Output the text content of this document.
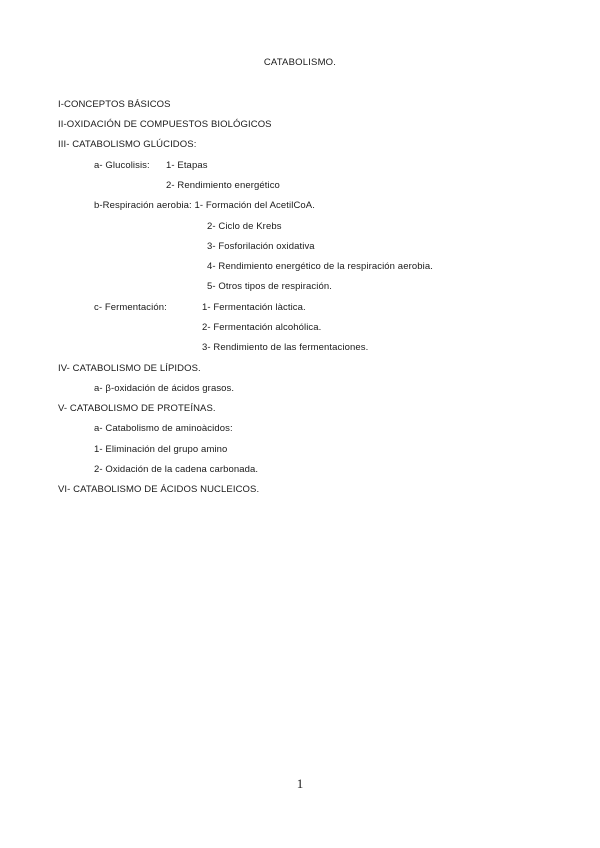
CATABOLISMO.
I-CONCEPTOS BÁSICOS
II-OXIDACIÓN DE COMPUESTOS BIOLÓGICOS
III- CATABOLISMO GLÚCIDOS:
a- Glucolisis: 1- Etapas
2- Rendimiento energético
b-Respiración aerobia: 1- Formación del AcetilCoA.
2- Ciclo de Krebs
3- Fosforilación oxidativa
4- Rendimiento energético de la respiración aerobia.
5- Otros tipos de respiración.
c- Fermentación:	1- Fermentación làctica.
2- Fermentación alcohólica.
3- Rendimiento de las fermentaciones.
IV- CATABOLISMO DE LÍPIDOS.
a- β-oxidación de ácidos grasos.
V- CATABOLISMO DE PROTEÍNAS.
a- Catabolismo de aminoàcidos:
1- Eliminación del grupo amino
2- Oxidación de la cadena carbonada.
VI- CATABOLISMO DE ÁCIDOS NUCLEICOS.
1
